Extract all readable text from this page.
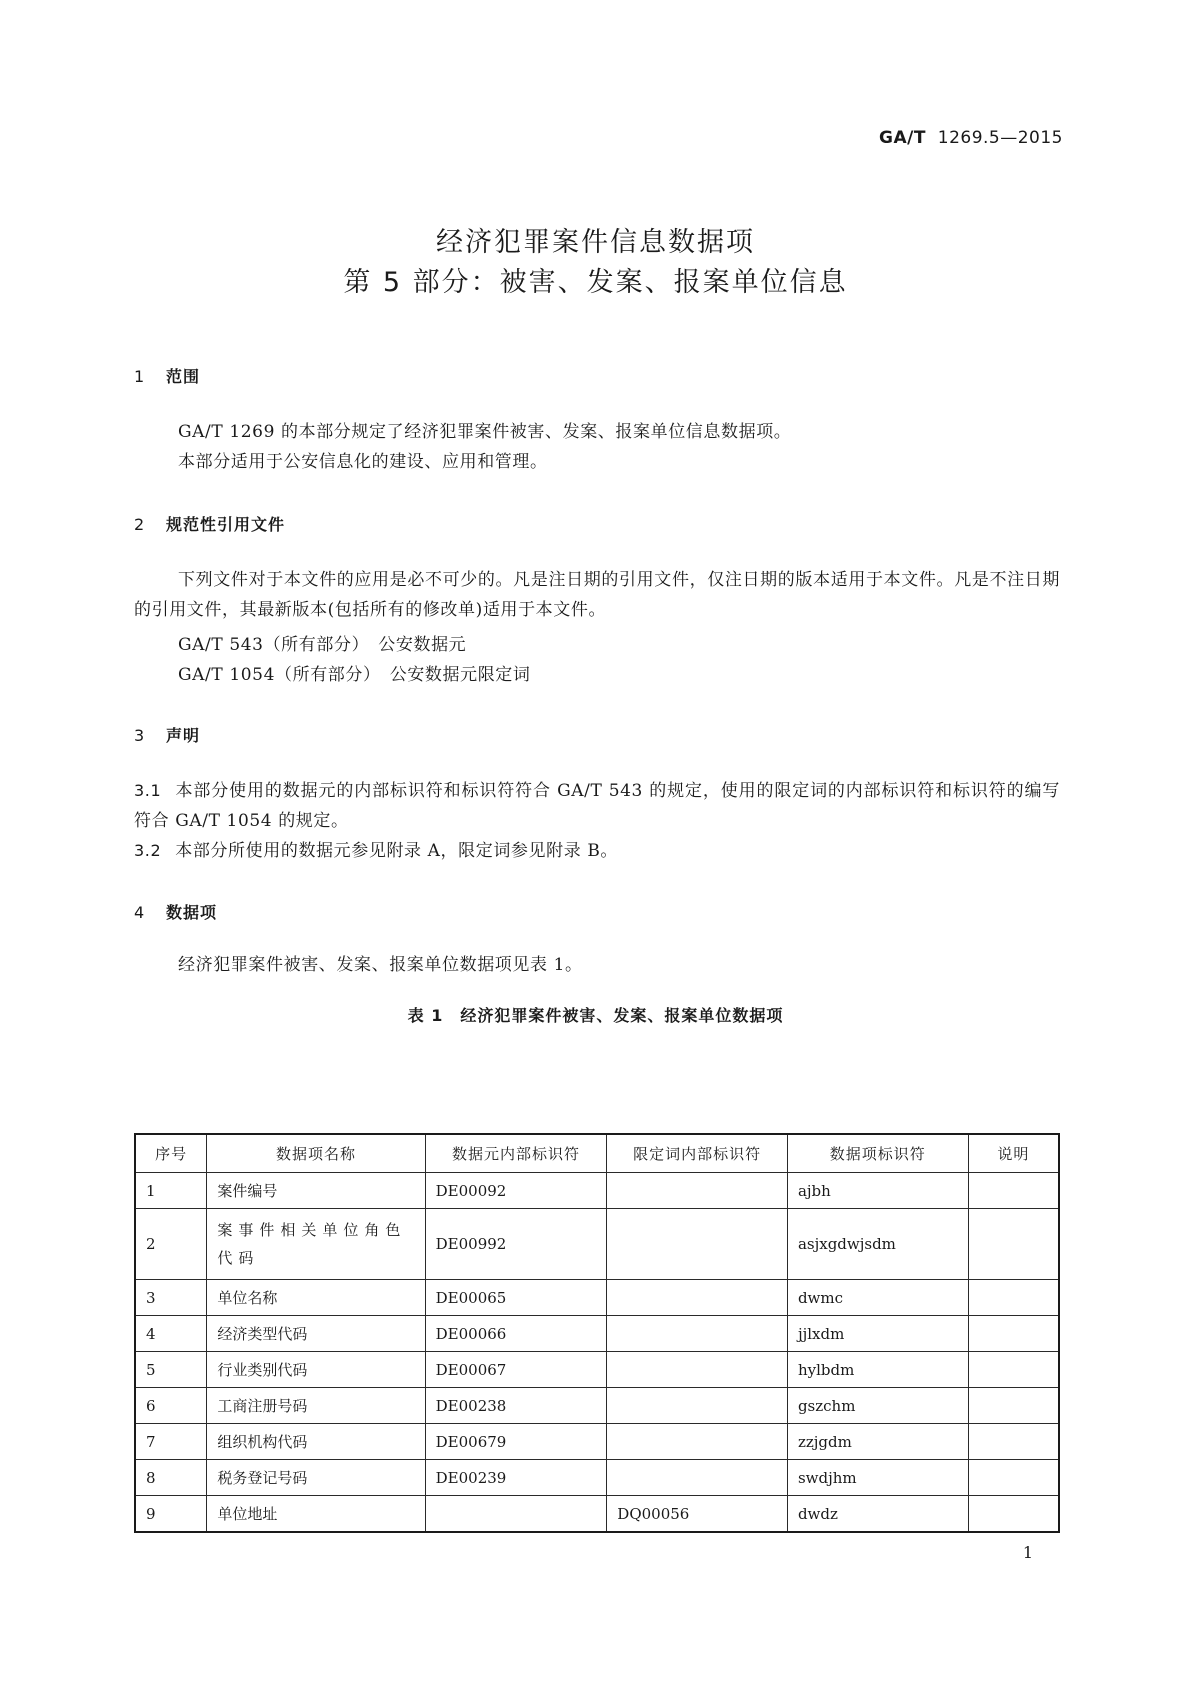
GA/T 1269.5—2015
经济犯罪案件信息数据项
第 5 部分：被害、发案、报案单位信息
1 范围
GA/T 1269 的本部分规定了经济犯罪案件被害、发案、报案单位信息数据项。
本部分适用于公安信息化的建设、应用和管理。
2 规范性引用文件
下列文件对于本文件的应用是必不可少的。凡是注日期的引用文件，仅注日期的版本适用于本文件。凡是不注日期的引用文件，其最新版本(包括所有的修改单)适用于本文件。
GA/T 543（所有部分）　公安数据元
GA/T 1054（所有部分）　公安数据元限定词
3 声明
3.1 本部分使用的数据元的内部标识符和标识符符合 GA/T 543 的规定，使用的限定词的内部标识符和标识符的编写符合 GA/T 1054 的规定。
3.2 本部分所使用的数据元参见附录 A，限定词参见附录 B。
4 数据项
经济犯罪案件被害、发案、报案单位数据项见表 1。
表 1　经济犯罪案件被害、发案、报案单位数据项
序号	数据项名称	数据元内部标识符	限定词内部标识符	数据项标识符	说明
1	案件编号	DE00092		ajbh	
2	案事件相关单位角色代码	DE00992		asjxgdwjsdm	
3	单位名称	DE00065		dwmc	
4	经济类型代码	DE00066		jjlxdm	
5	行业类别代码	DE00067		hylbdm	
6	工商注册号码	DE00238		gszchm	
7	组织机构代码	DE00679		zzjgdm	
8	税务登记号码	DE00239		swdjhm	
9	单位地址		DQ00056	dwdz	
1
